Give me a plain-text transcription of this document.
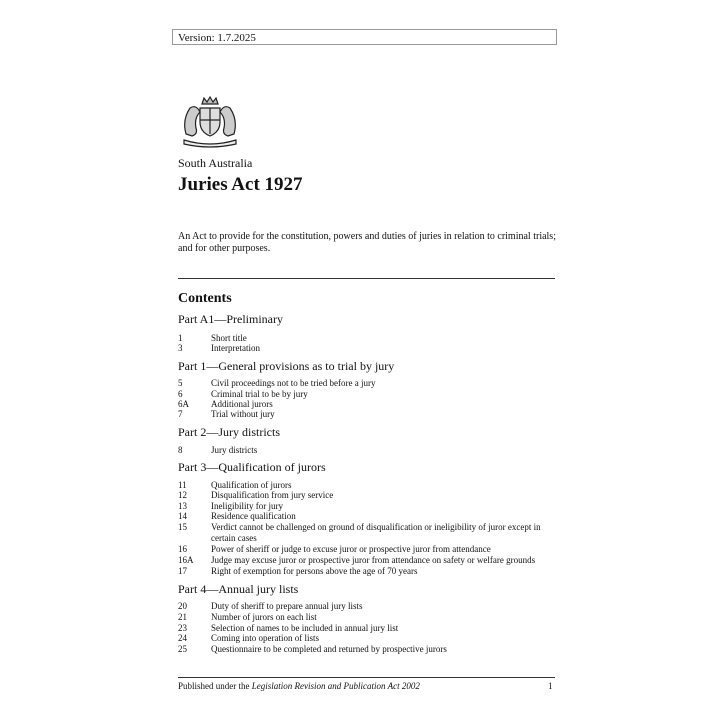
Version: 1.7.2025
South Australia
Juries Act 1927
An Act to provide for the constitution, powers and duties of juries in relation to criminal trials; and for other purposes.
Contents
Part A1—Preliminary
1	Short title
3	Interpretation
Part 1—General provisions as to trial by jury
5	Civil proceedings not to be tried before a jury
6	Criminal trial to be by jury
6A Additional jurors
7	Trial without jury
Part 2—Jury districts
8	Jury districts
Part 3—Qualification of jurors
11	Qualification of jurors
12	Disqualification from jury service
13	Ineligibility for jury
14	Residence qualification
15	Verdict cannot be challenged on ground of disqualification or ineligibility of juror except in certain cases
16	Power of sheriff or judge to excuse juror or prospective juror from attendance
16A Judge may excuse juror or prospective juror from attendance on safety or welfare grounds
17	Right of exemption for persons above the age of 70 years
Part 4—Annual jury lists
20	Duty of sheriff to prepare annual jury lists
21	Number of jurors on each list
23	Selection of names to be included in annual jury list
24	Coming into operation of lists
25	Questionnaire to be completed and returned by prospective jurors
Published under the Legislation Revision and Publication Act 2002	1
